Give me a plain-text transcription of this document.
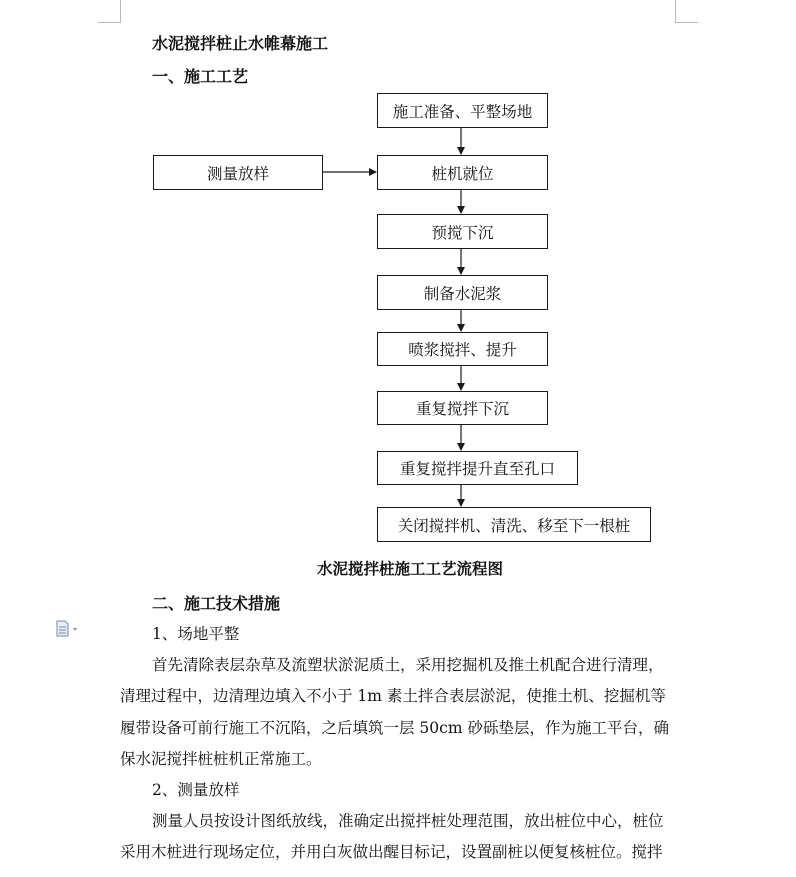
水泥搅拌桩止水帷幕施工
一、施工工艺
测量放样
施工准备、平整场地
桩机就位
预搅下沉
制备水泥浆
喷浆搅拌、提升
重复搅拌下沉
重复搅拌提升直至孔口
关闭搅拌机、清洗、移至下一根桩
水泥搅拌桩施工工艺流程图
二、施工技术措施
1、场地平整
首先清除表层杂草及流塑状淤泥质土，采用挖掘机及推土机配合进行清理，
清理过程中，边清理边填入不小于 1m 素土拌合表层淤泥，使推土机、挖掘机等
履带设备可前行施工不沉陷，之后填筑一层 50cm 砂砾垫层，作为施工平台，确
保水泥搅拌桩桩机正常施工。
2、测量放样
测量人员按设计图纸放线，准确定出搅拌桩处理范围，放出桩位中心，桩位
采用木桩进行现场定位，并用白灰做出醒目标记，设置副桩以便复核桩位。搅拌
